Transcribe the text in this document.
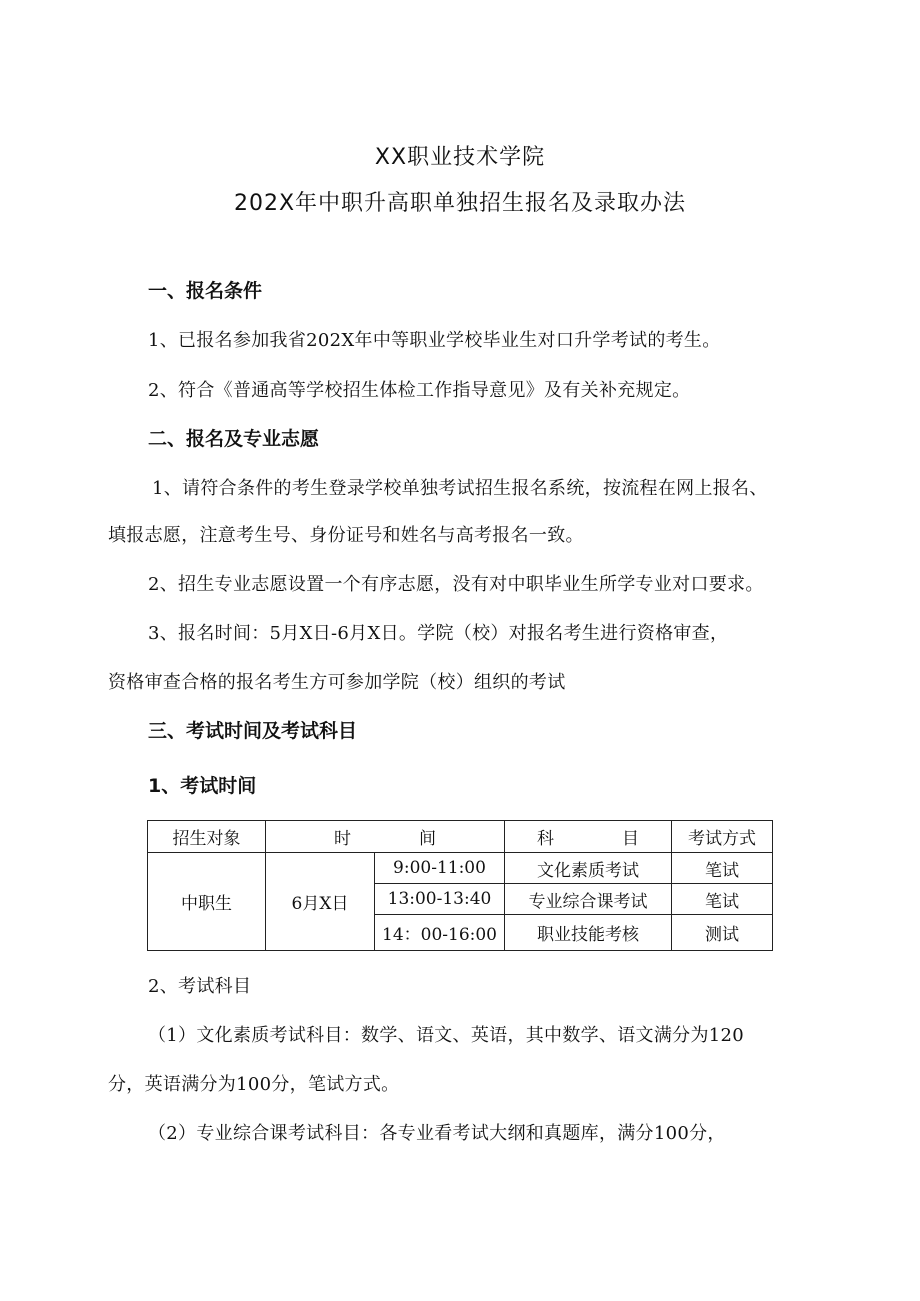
XX职业技术学院
202X年中职升高职单独招生报名及录取办法
一、报名条件
1、已报名参加我省202X年中等职业学校毕业生对口升学考试的考生。
2、符合《普通高等学校招生体检工作指导意见》及有关补充规定。
二、报名及专业志愿
1、请符合条件的考生登录学校单独考试招生报名系统，按流程在网上报名、
填报志愿，注意考生号、身份证号和姓名与高考报名一致。
2、招生专业志愿设置一个有序志愿，没有对中职毕业生所学专业对口要求。
3、报名时间：5月X日-6月X日。学院（校）对报名考生进行资格审查，
资格审查合格的报名考生方可参加学院（校）组织的考试
三、考试时间及考试科目
1、考试时间
招生对象	时　　　　间		科　　　　目	考试方式
中职生	6月X日	9:00-11:00	文化素质考试	笔试
		13:00-13:40	专业综合课考试	笔试
		14：00-16:00	职业技能考核	测试
2、考试科目
（1）文化素质考试科目：数学、语文、英语，其中数学、语文满分为120
分，英语满分为100分，笔试方式。
（2）专业综合课考试科目：各专业看考试大纲和真题库，满分100分，
